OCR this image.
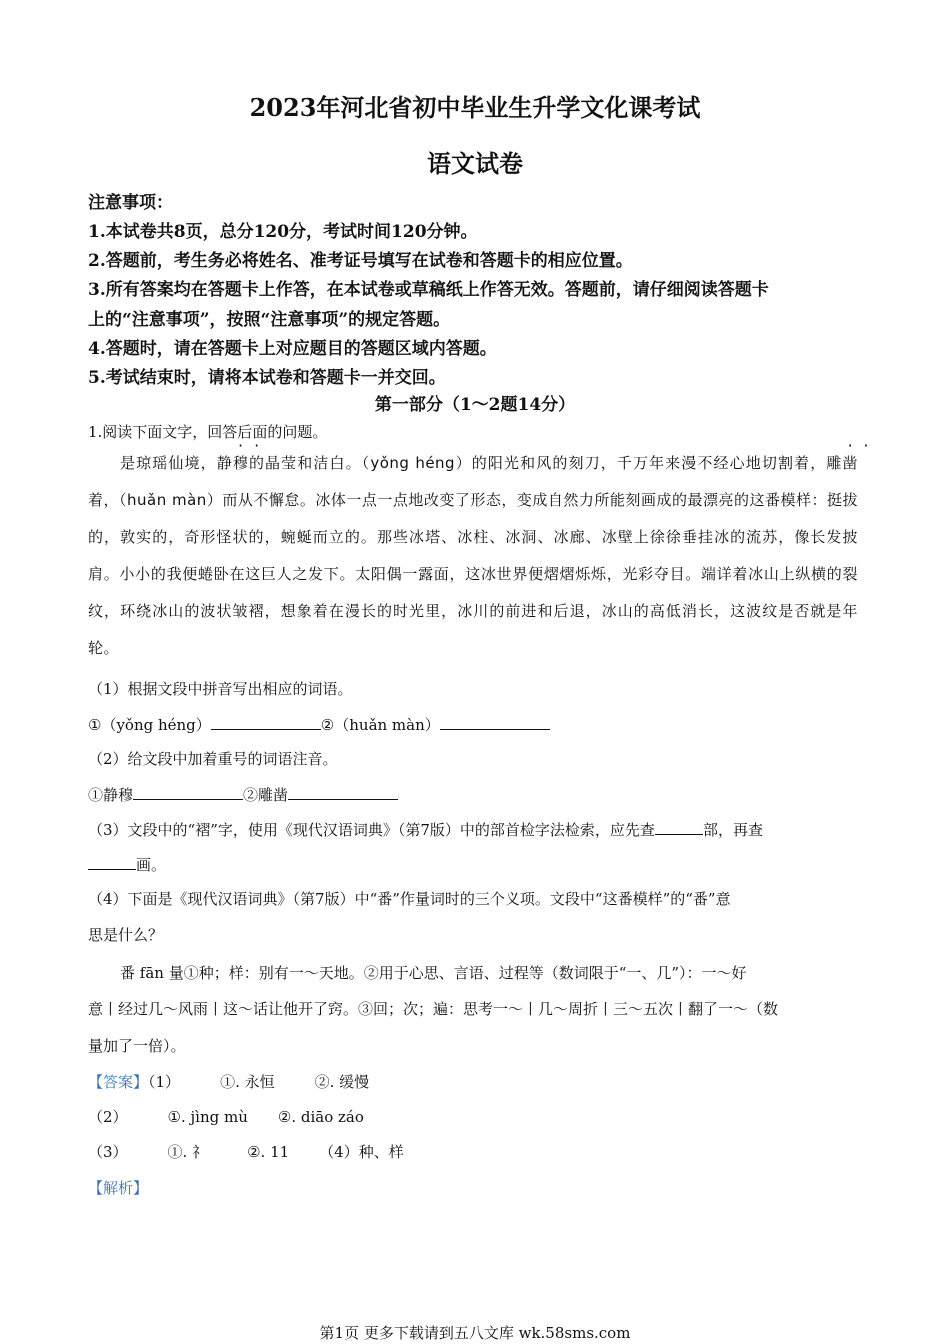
2023年河北省初中毕业生升学文化课考试
语文试卷
注意事项：
1.本试卷共8页，总分120分，考试时间120分钟。
2.答题前，考生务必将姓名、准考证号填写在试卷和答题卡的相应位置。
3.所有答案均在答题卡上作答，在本试卷或草稿纸上作答无效。答题前，请仔细阅读答题卡
上的“注意事项”，按照“注意事项”的规定答题。
4.答题时，请在答题卡上对应题目的答题区域内答题。
5.考试结束时，请将本试卷和答题卡一并交回。
第一部分（1～2题14分）
1.阅读下面文字，回答后面的问题。

是琼瑶仙境，静穆的晶莹和洁白。（yǒng héng）的阳光和风的刻刀，千万年来漫不经心地切割着，雕凿着，（huǎn màn）而从不懈怠。冰体一点一点地改变了形态，变成自然力所能刻画成的最漂亮的这番模样：挺拔的，敦实的，奇形怪状的，蜿蜒而立的。那些冰塔、冰柱、冰洞、冰廊、冰壁上徐徐垂挂冰的流苏，像长发披肩。小小的我便蜷卧在这巨人之发下。太阳偶一露面，这冰世界便熠熠烁烁，光彩夺目。端详着冰山上纵横的裂纹，环绕冰山的波状皱褶，想象着在漫长的时光里，冰川的前进和后退，冰山的高低消长，这波纹是否就是年轮。

（1）根据文段中拼音写出相应的词语。
①（yǒng héng）	②（huǎn màn）
（2）给文段中加着重号的词语注音。
①静穆	②雕凿
（3）文段中的“褶”字，使用《现代汉语词典》（第7版）中的部首检字法检索，应先查	部，再查
画。
（4）下面是《现代汉语词典》（第7版）中“番”作量词时的三个义项。文段中“这番模样”的“番”意
思是什么？
番 fān 量①种；样：别有一～天地。②用于心思、言语、过程等（数词限于“一、几”）：一～好
意丨经过几～风雨丨这～话让他开了窍。③回；次；遍：思考一～丨几～周折丨三～五次丨翻了一～（数
量加了一倍）。
【答案】（1）	①. 永恒	②. 缓慢
（2）	①. jìng mù ②. diāo záo
（3）	①. 礻	②. 11 （4）种、样
【解析】
第1页 更多下载请到五八文库 wk.58sms.com
